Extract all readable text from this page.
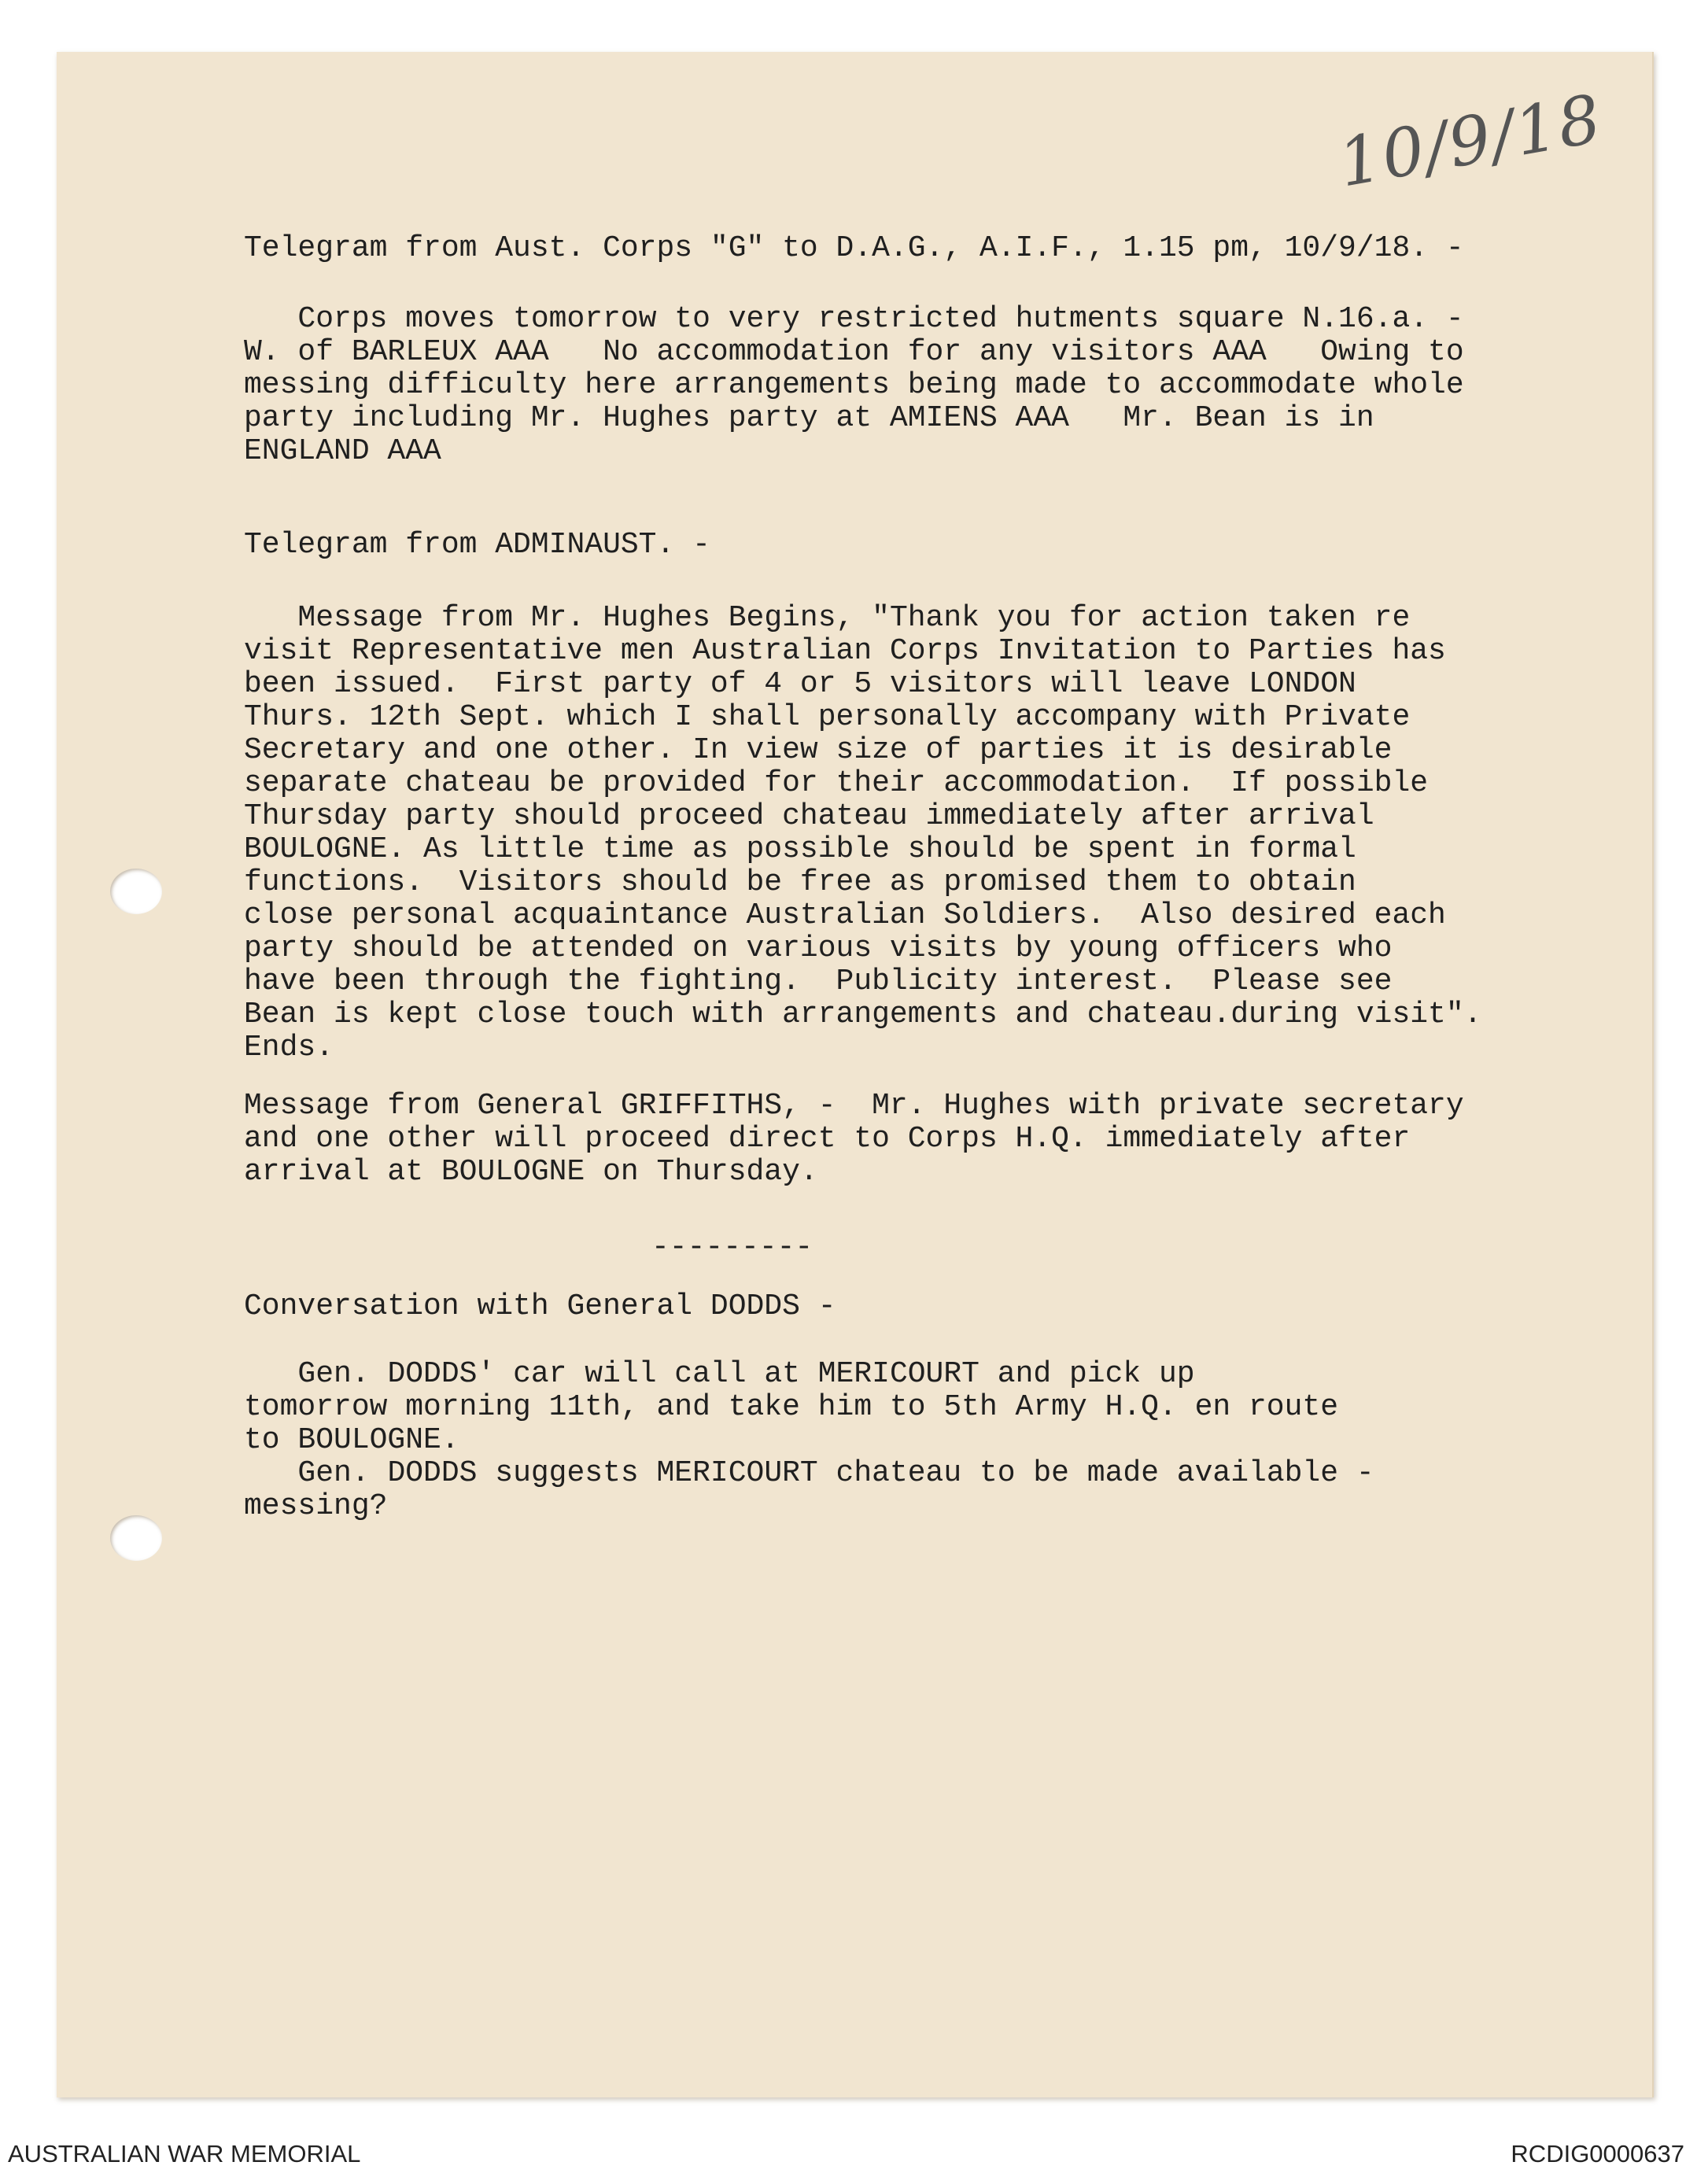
10/9/18

Telegram from Aust. Corps "G" to D.A.G., A.I.F., 1.15 pm, 10/9/18. -

Corps moves tomorrow to very restricted hutments square N.16.a. -
W. of BARLEUX AAA   No accommodation for any visitors AAA   Owing to
messing difficulty here arrangements being made to accommodate whole
party including Mr. Hughes party at AMIENS AAA   Mr. Bean is in
ENGLAND AAA

Telegram from ADMINAUST. -

Message from Mr. Hughes Begins, "Thank you for action taken re
visit Representative men Australian Corps Invitation to Parties has
been issued.  First party of 4 or 5 visitors will leave LONDON
Thurs. 12th Sept. which I shall personally accompany with Private
Secretary and one other. In view size of parties it is desirable
separate chateau be provided for their accommodation.  If possible
Thursday party should proceed chateau immediately after arrival
BOULOGNE. As little time as possible should be spent in formal
functions.  Visitors should be free as promised them to obtain
close personal acquaintance Australian Soldiers.  Also desired each
party should be attended on various visits by young officers who
have been through the fighting.  Publicity interest.  Please see
Bean is kept close touch with arrangements and chateau.during visit".
Ends.

Message from General GRIFFITHS, -  Mr. Hughes with private secretary
and one other will proceed direct to Corps H.Q. immediately after
arrival at BOULOGNE on Thursday.

---------

Conversation with General DODDS -

Gen. DODDS' car will call at MERICOURT and pick up
tomorrow morning 11th, and take him to 5th Army H.Q. en route
to BOULOGNE.
Gen. DODDS suggests MERICOURT chateau to be made available -
messing?

AUSTRALIAN WAR MEMORIAL	RCDIG0000637
